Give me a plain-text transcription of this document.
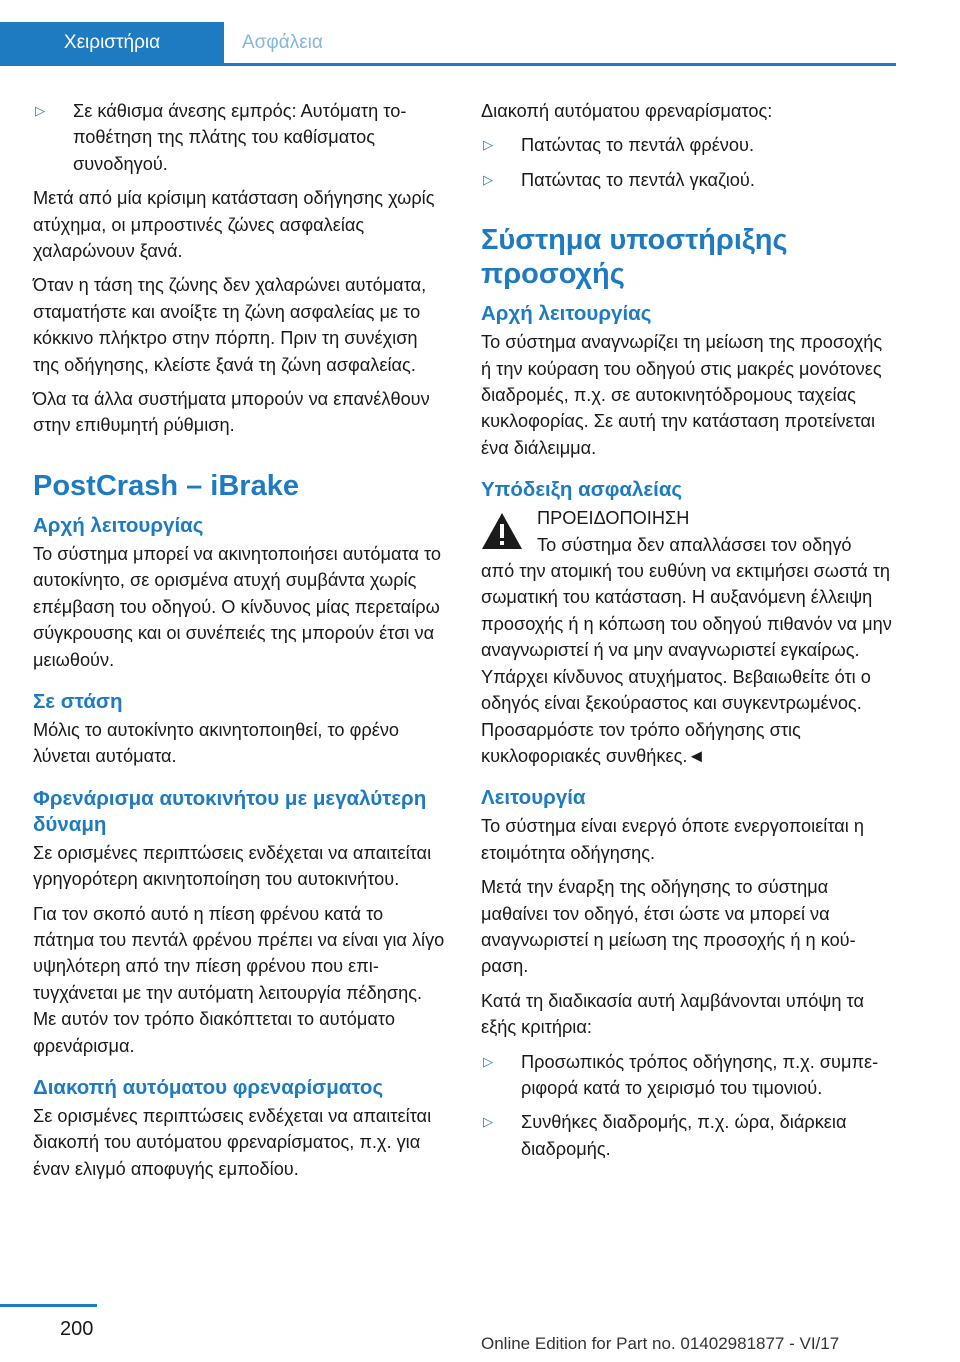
Χειριστήρια	Ασφάλεια
▷ Σε κάθισμα άνεσης εμπρός: Αυτόματη τοποθέτηση της πλάτης του καθίσματος συνοδηγού.

Μετά από μία κρίσιμη κατάσταση οδήγησης χωρίς ατύχημα, οι μπροστινές ζώνες ασφαλείας χαλαρώνουν ξανά.

Όταν η τάση της ζώνης δεν χαλαρώνει αυτόματα, σταματήστε και ανοίξτε τη ζώνη ασφαλείας με το κόκκινο πλήκτρο στην πόρπη. Πριν τη συνέχιση της οδήγησης, κλείστε ξανά τη ζώνη ασφαλείας.

Όλα τα άλλα συστήματα μπορούν να επανέλθουν στην επιθυμητή ρύθμιση.

PostCrash – iBrake
Αρχή λειτουργίας

Το σύστημα μπορεί να ακινητοποιήσει αυτόματα το αυτοκίνητο, σε ορισμένα ατυχή συμβάντα χωρίς επέμβαση του οδηγού. Ο κίνδυνος μίας περεταίρω σύγκρουσης και οι συνέπειές της μπορούν έτσι να μειωθούν.

Σε στάση

Μόλις το αυτοκίνητο ακινητοποιηθεί, το φρένο λύνεται αυτόματα.

Φρενάρισμα αυτοκινήτου με μεγαλύτερη δύναμη

Σε ορισμένες περιπτώσεις ενδέχεται να απαιτείται γρηγορότερη ακινητοποίηση του αυτοκινήτου.

Για τον σκοπό αυτό η πίεση φρένου κατά το πάτημα του πεντάλ φρένου πρέπει να είναι για λίγο υψηλότερη από την πίεση φρένου που επιτυγχάνεται με την αυτόματη λειτουργία πέδησης. Με αυτόν τον τρόπο διακόπτεται το αυτόματο φρενάρισμα.

Διακοπή αυτόματου φρεναρίσματος

Σε ορισμένες περιπτώσεις ενδέχεται να απαιτείται διακοπή του αυτόματου φρεναρίσματος, π.χ. για έναν ελιγμό αποφυγής εμποδίου.

Διακοπή αυτόματου φρεναρίσματος:

▷ Πατώντας το πεντάλ φρένου.
▷ Πατώντας το πεντάλ γκαζιού.
Σύστημα υποστήριξης προσοχής
Αρχή λειτουργίας

Το σύστημα αναγνωρίζει τη μείωση της προσοχής ή την κούραση του οδηγού στις μακρές μονότονες διαδρομές, π.χ. σε αυτοκινητόδρομους ταχείας κυκλοφορίας. Σε αυτή την κατάσταση προτείνεται ένα διάλειμμα.

Υπόδειξη ασφαλείας
ΠΡΟΕΙΔΟΠΟΙΗΣΗ
Το σύστημα δεν απαλλάσσει τον οδηγό

από την ατομική του ευθύνη να εκτιμήσει σωστά τη σωματική του κατάσταση. Η αυξανόμενη έλλειψη προσοχής ή η κόπωση του οδηγού πιθανόν να μην αναγνωριστεί ή να μην αναγνωριστεί εγκαίρως. Υπάρχει κίνδυνος ατυχήματος. Βεβαιωθείτε ότι ο οδηγός είναι ξεκούραστος και συγκεντρωμένος. Προσαρμόστε τον τρόπο οδήγησης στις κυκλοφοριακές συνθήκες.◄

Λειτουργία

Το σύστημα είναι ενεργό όποτε ενεργοποιείται η ετοιμότητα οδήγησης.

Μετά την έναρξη της οδήγησης το σύστημα μαθαίνει τον οδηγό, έτσι ώστε να μπορεί να αναγνωριστεί η μείωση της προσοχής ή η κούραση.

Κατά τη διαδικασία αυτή λαμβάνονται υπόψη τα εξής κριτήρια:

▷ Προσωπικός τρόπος οδήγησης, π.χ. συμπεριφορά κατά το χειρισμό του τιμονιού.
▷ Συνθήκες διαδρομής, π.χ. ώρα, διάρκεια διαδρομής.
200
Online Edition for Part no. 01402981877 - VI/17
